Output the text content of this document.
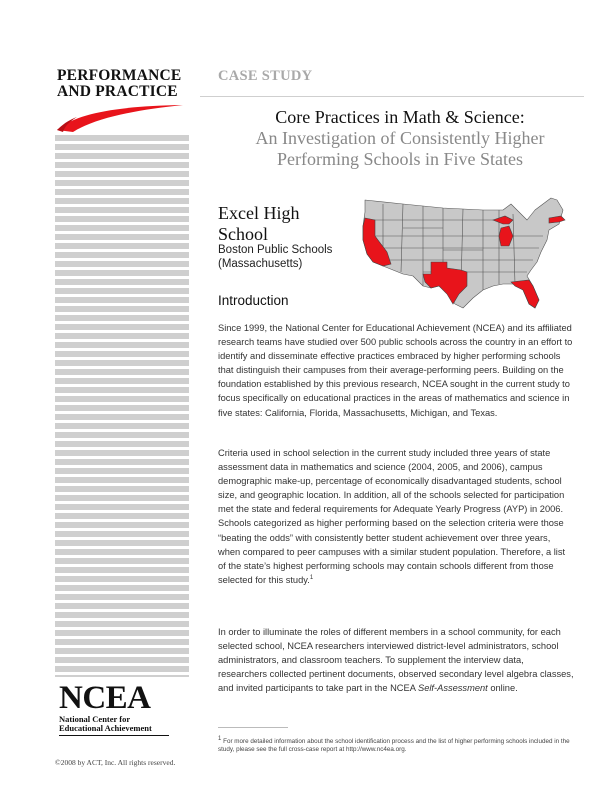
PERFORMANCE
AND PRACTICE
NCEA
National Center for
Educational Achievement
©2008 by ACT, Inc. All rights reserved.
CASE STUDY
Core Practices in Math & Science:
An Investigation of Consistently Higher
Performing Schools in Five States
Excel High School
Boston Public Schools
(Massachusetts)
Introduction
Since 1999, the National Center for Educational Achievement (NCEA) and its affiliated research teams have studied over 500 public schools across the country in an effort to identify and disseminate effective practices embraced by higher performing schools that distinguish their campuses from their average-performing peers. Building on the foundation established by this previous research, NCEA sought in the current study to focus specifically on educational practices in the areas of mathematics and science in five states: California, Florida, Massachusetts, Michigan, and Texas.
Criteria used in school selection in the current study included three years of state assessment data in mathematics and science (2004, 2005, and 2006), campus demographic make-up, percentage of economically disadvantaged students, school size, and geographic location. In addition, all of the schools selected for participation met the state and federal requirements for Adequate Yearly Progress (AYP) in 2006. Schools categorized as higher performing based on the selection criteria were those “beating the odds” with consistently better student achievement over three years, when compared to peer campuses with a similar student population. Therefore, a list of the state’s highest performing schools may contain schools different from those selected for this study.$^1$
In order to illuminate the roles of different members in a school community, for each selected school, NCEA researchers interviewed district-level administrators, school administrators, and classroom teachers. To supplement the interview data, researchers collected pertinent documents, observed secondary level algebra classes, and invited participants to take part in the NCEA Self-Assessment online.
$^1$ For more detailed information about the school identification process and the list of higher performing schools included in the study, please see the full cross-case report at http://www.nc4ea.org.
